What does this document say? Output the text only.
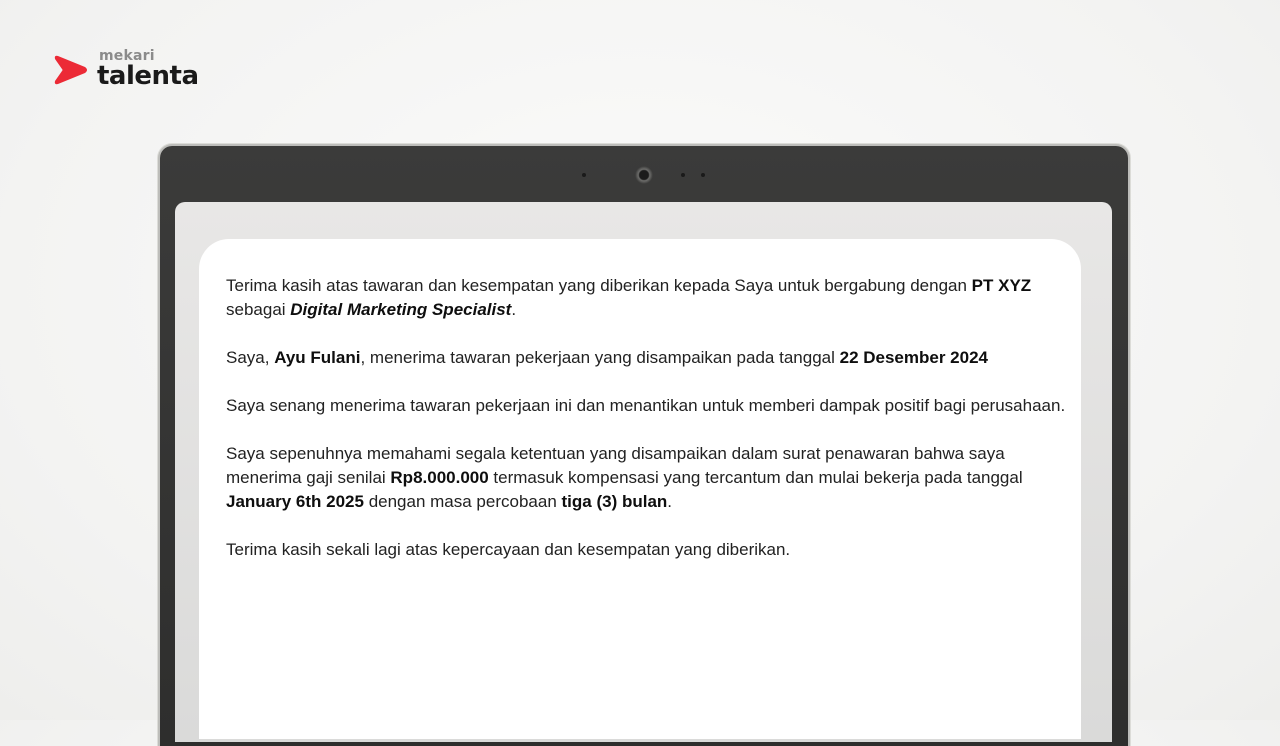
mekari
talenta

Terima kasih atas tawaran dan kesempatan yang diberikan kepada Saya untuk bergabung dengan PT XYZ sebagai Digital Marketing Specialist.

Saya, Ayu Fulani, menerima tawaran pekerjaan yang disampaikan pada tanggal 22 Desember 2024

Saya senang menerima tawaran pekerjaan ini dan menantikan untuk memberi dampak positif bagi perusahaan.

Saya sepenuhnya memahami segala ketentuan yang disampaikan dalam surat penawaran bahwa saya menerima gaji senilai Rp8.000.000 termasuk kompensasi yang tercantum dan mulai bekerja pada tanggal January 6th 2025 dengan masa percobaan tiga (3) bulan.

Terima kasih sekali lagi atas kepercayaan dan kesempatan yang diberikan.
